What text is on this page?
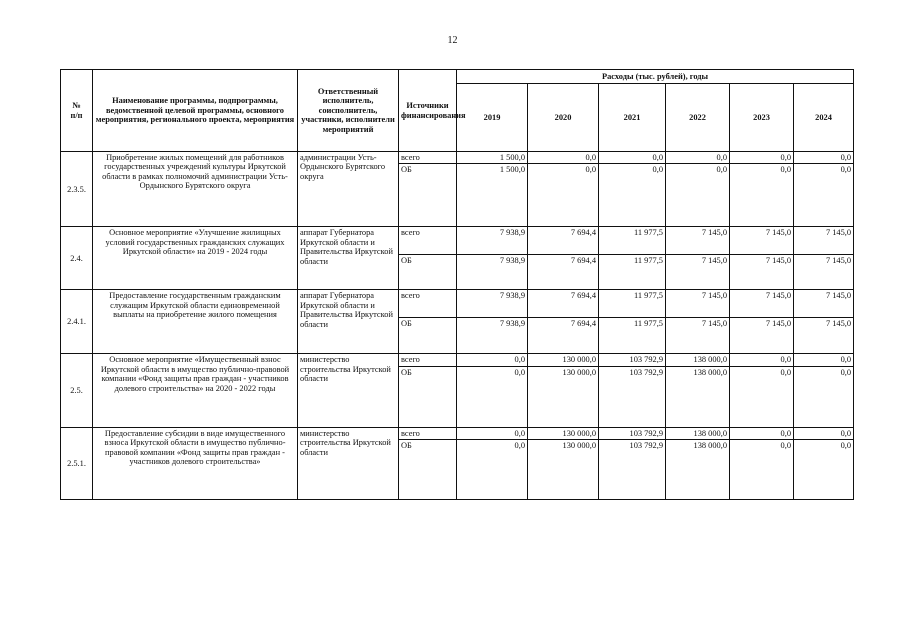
12
№
п/п	Наименование программы, подпрограммы, ведомственной целевой программы, основного мероприятия, регионального проекта, мероприятия	Ответственный исполнитель, соисполнитель, участники, исполнители мероприятий	Источники финансирования	Расходы (тыс. рублей), годы					
				2019	2020	2021	2022	2023	2024
2.3.5.	Приобретение жилых помещений для работников государственных учреждений культуры Иркутской области в рамках полномочий администрации Усть-Ордынского Бурятского округа	администрации Усть-Ордынского Бурятского округа	всего	1 500,0	0,0	0,0	0,0	0,0	0,0
			ОБ	1 500,0	0,0	0,0	0,0	0,0	0,0
2.4.	Основное мероприятие «Улучшение жилищных условий государственных гражданских служащих Иркутской области» на 2019 - 2024 годы	аппарат Губернатора Иркутской области и Правительства Иркутской области	всего	7 938,9	7 694,4	11 977,5	7 145,0	7 145,0	7 145,0
			ОБ	7 938,9	7 694,4	11 977,5	7 145,0	7 145,0	7 145,0
2.4.1.	Предоставление государственным гражданским служащим Иркутской области единовременной выплаты на приобретение жилого помещения	аппарат Губернатора Иркутской области и Правительства Иркутской области	всего	7 938,9	7 694,4	11 977,5	7 145,0	7 145,0	7 145,0
			ОБ	7 938,9	7 694,4	11 977,5	7 145,0	7 145,0	7 145,0
2.5.	Основное мероприятие «Имущественный взнос Иркутской области в имущество публично-правовой компании «Фонд защиты прав граждан - участников долевого строительства» на 2020 - 2022 годы	министерство строительства Иркутской области	всего	0,0	130 000,0	103 792,9	138 000,0	0,0	0,0
			ОБ	0,0	130 000,0	103 792,9	138 000,0	0,0	0,0
2.5.1.	Предоставление субсидии в виде имущественного взноса Иркутской области в имущество публично-правовой компании «Фонд защиты прав граждан - участников долевого строительства»	министерство строительства Иркутской области	всего	0,0	130 000,0	103 792,9	138 000,0	0,0	0,0
			ОБ	0,0	130 000,0	103 792,9	138 000,0	0,0	0,0
